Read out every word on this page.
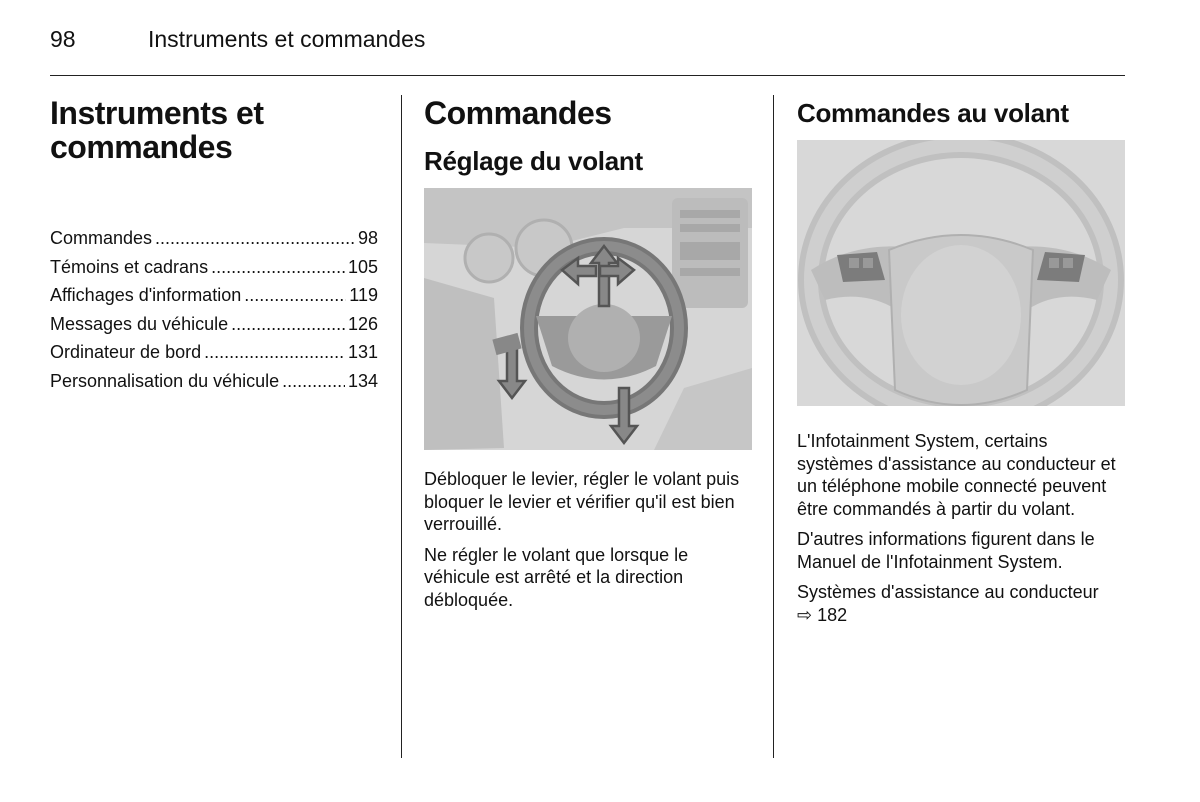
98	Instruments et commandes
Instruments et commandes
Commandes .....	98
Témoins et cadrans .....	105
Affichages d'information .....	119
Messages du véhicule .....	126
Ordinateur de bord .....	131
Personnalisation du véhicule .....	134
Commandes
Réglage du volant

Débloquer le levier, régler le volant puis bloquer le levier et vérifier qu'il est bien verrouillé.

Ne régler le volant que lorsque le véhicule est arrêté et la direction débloquée.

Commandes au volant

L'Infotainment System, certains systèmes d'assistance au conducteur et un téléphone mobile connecté peuvent être commandés à partir du volant.

D'autres informations figurent dans le Manuel de l'Infotainment System.

Systèmes d'assistance au conducteur ⇨ 182
